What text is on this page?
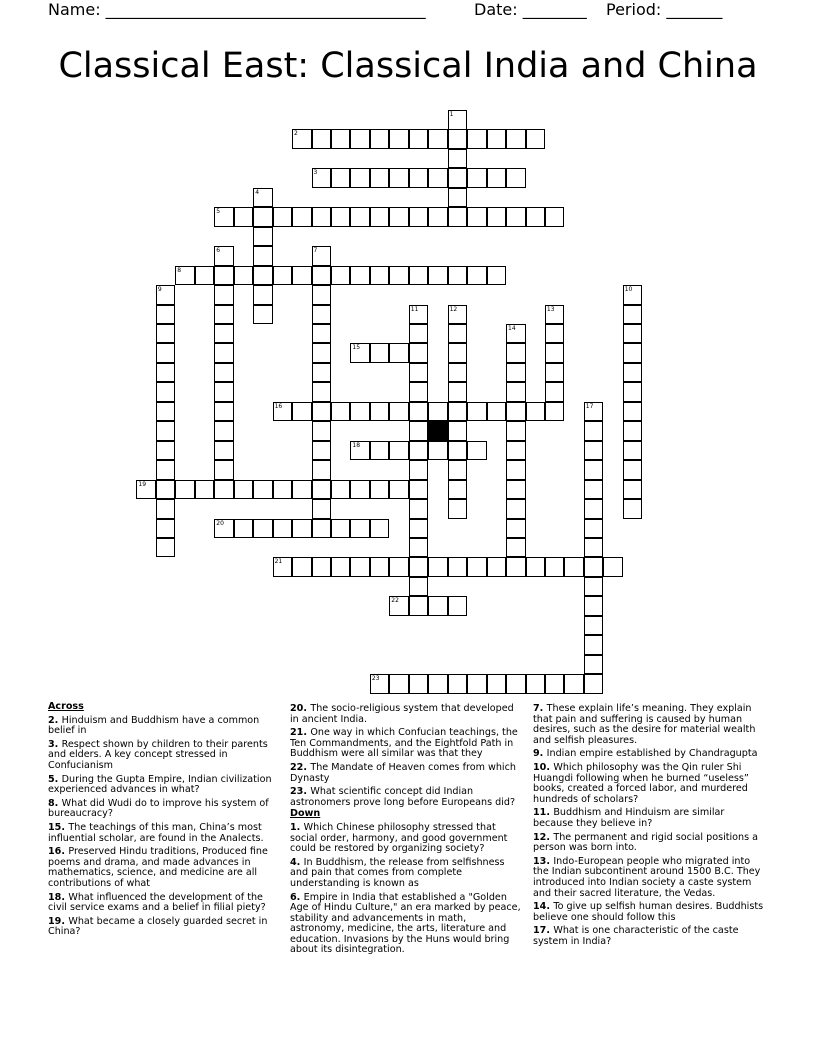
Name: ________________________________________	Date: ________ Period: _______
Classical East: Classical India and China
1
2
3
4
5
6	7
8
9	10
11	12	13
14
15
16	17
18
19
20
21
22
23
Across
2. Hinduism and Buddhism have a common belief in
3. Respect shown by children to their parents and elders. A key concept stressed in Confucianism
5. During the Gupta Empire, Indian civilization experienced advances in what?
8. What did Wudi do to improve his system of bureaucracy?
15. The teachings of this man, China’s most influential scholar, are found in the Analects.
16. Preserved Hindu traditions, Produced fine poems and drama, and made advances in mathematics, science, and medicine are all contributions of what
18. What influenced the development of the civil service exams and a belief in filial piety?
19. What became a closely guarded secret in China?
20. The socio-religious system that developed in ancient India.
21. One way in which Confucian teachings, the Ten Commandments, and the Eightfold Path in Buddhism were all similar was that they
22. The Mandate of Heaven comes from which Dynasty
23. What scientific concept did Indian astronomers prove long before Europeans did?
Down
1. Which Chinese philosophy stressed that social order, harmony, and good government could be restored by organizing society?
4. In Buddhism, the release from selfishness and pain that comes from complete understanding is known as
6. Empire in India that established a "Golden Age of Hindu Culture," an era marked by peace, stability and advancements in math, astronomy, medicine, the arts, literature and education. Invasions by the Huns would bring about its disintegration.
7. These explain life’s meaning. They explain that pain and suffering is caused by human desires, such as the desire for material wealth and selfish pleasures.
9. Indian empire established by Chandragupta
10. Which philosophy was the Qin ruler Shi Huangdi following when he burned “useless” books, created a forced labor, and murdered hundreds of scholars?
11. Buddhism and Hinduism are similar because they believe in?
12. The permanent and rigid social positions a person was born into.
13. Indo-European people who migrated into the Indian subcontinent around 1500 B.C. They introduced into Indian society a caste system and their sacred literature, the Vedas.
14. To give up selfish human desires. Buddhists believe one should follow this
17. What is one characteristic of the caste system in India?
